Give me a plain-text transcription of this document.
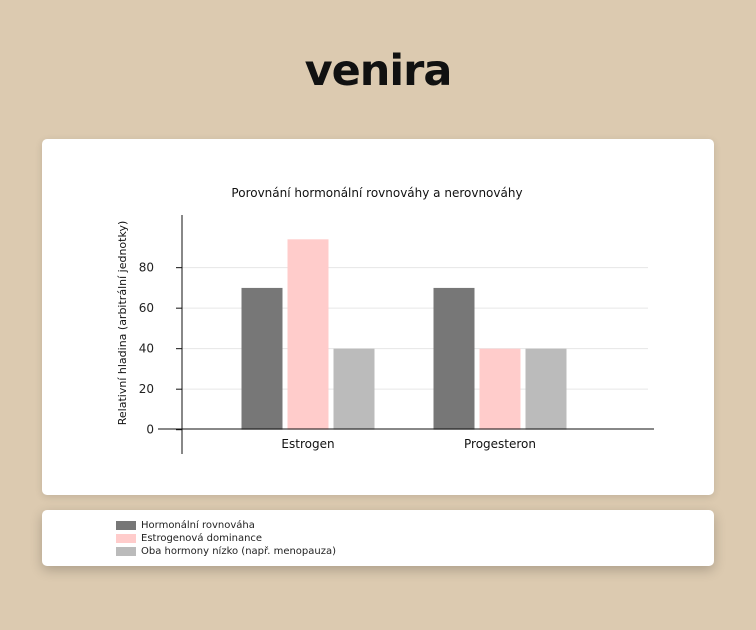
venira
Porovnání hormonální rovnováhy a nerovnováhy
Relativní hladina (arbitrální jednotky)
0
20
40
60
80
Estrogen	Progesteron
Hormonální rovnováha
Estrogenová dominance
Oba hormony nízko (např. menopauza)
